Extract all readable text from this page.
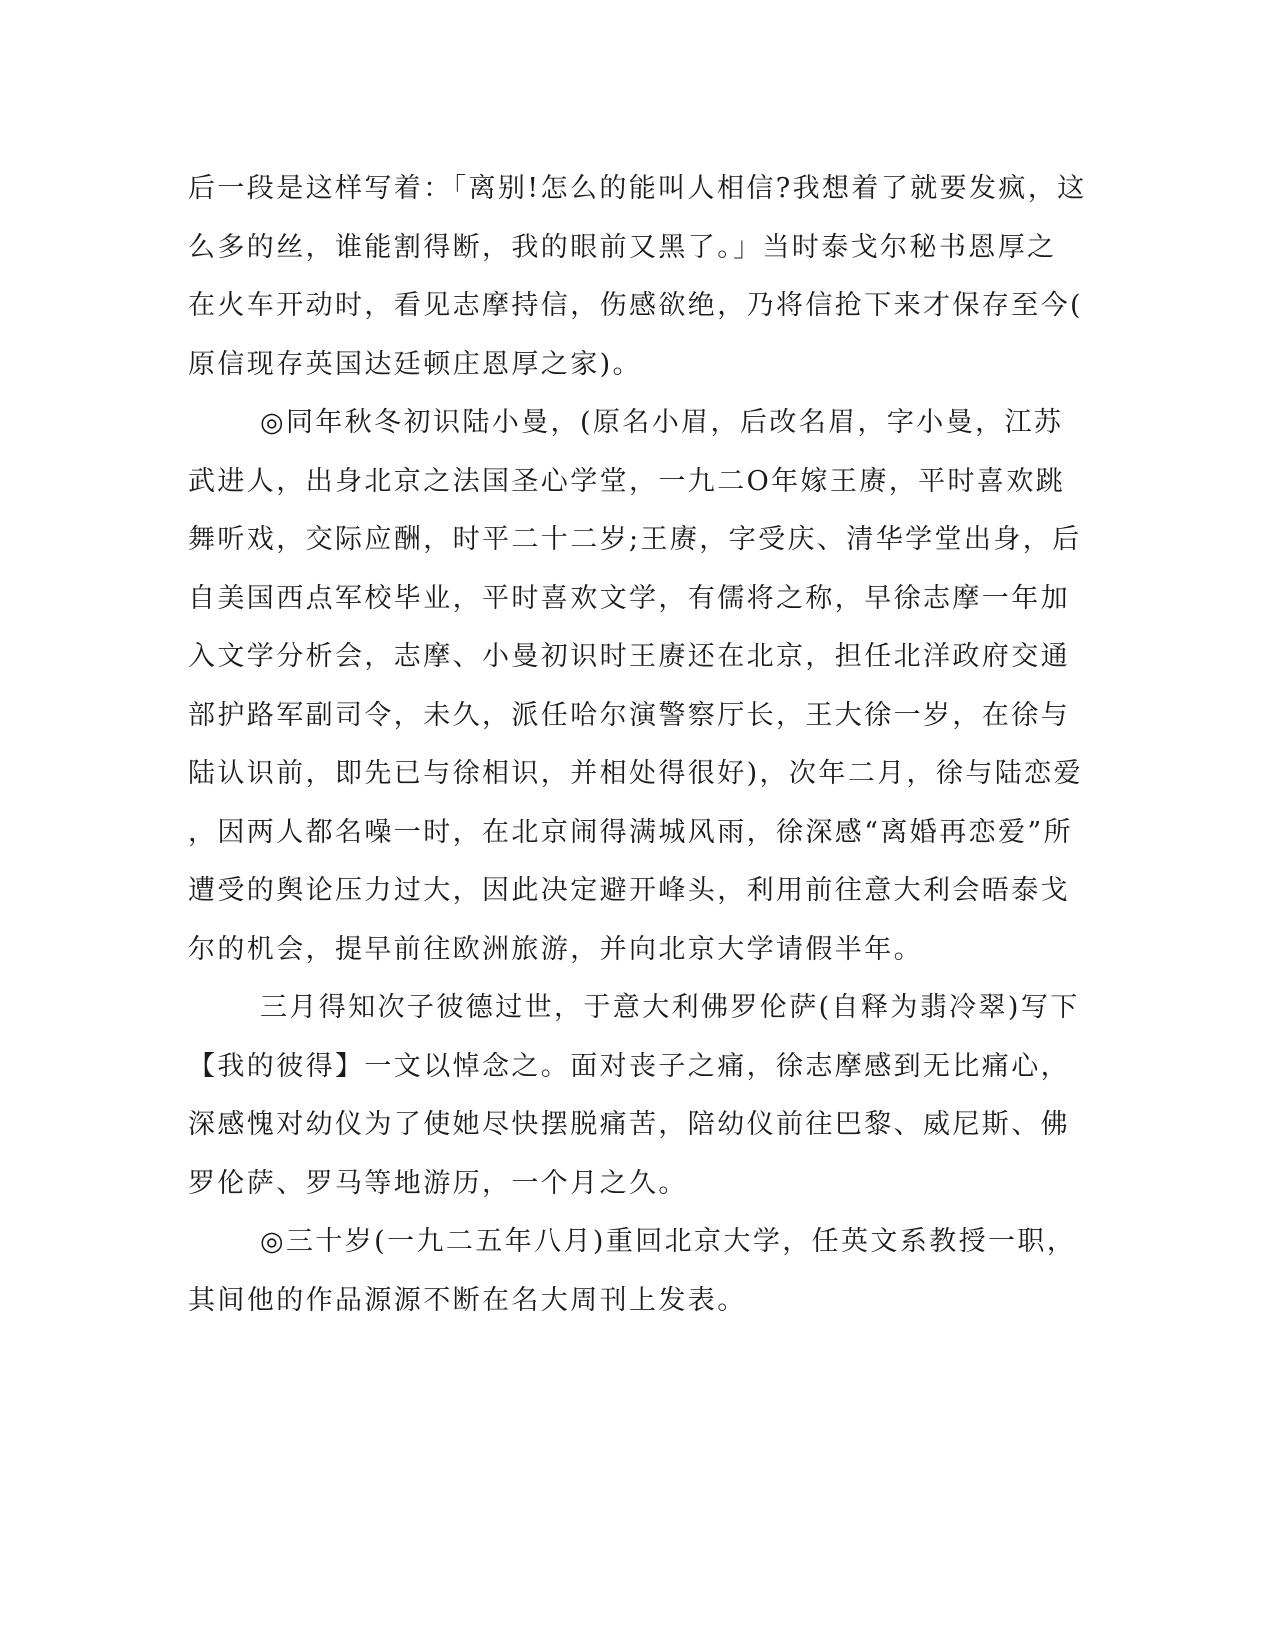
后一段是这样写着：「离别!怎么的能叫人相信?我想着了就要发疯，这
么多的丝，谁能割得断，我的眼前又黑了。」当时泰戈尔秘书恩厚之
在火车开动时，看见志摩持信，伤感欲绝，乃将信抢下来才保存至今(
原信现存英国达廷顿庄恩厚之家)。
◎同年秋冬初识陆小曼，(原名小眉，后改名眉，字小曼，江苏
武进人，出身北京之法国圣心学堂，一九二O年嫁王赓，平时喜欢跳
舞听戏，交际应酬，时平二十二岁;王赓，字受庆、清华学堂出身，后
自美国西点军校毕业，平时喜欢文学，有儒将之称，早徐志摩一年加
入文学分析会，志摩、小曼初识时王赓还在北京，担任北洋政府交通
部护路军副司令，未久，派任哈尔演警察厅长，王大徐一岁，在徐与
陆认识前，即先已与徐相识，并相处得很好)，次年二月，徐与陆恋爱
，因两人都名噪一时，在北京闹得满城风雨，徐深感“离婚再恋爱”所
遭受的舆论压力过大，因此决定避开峰头，利用前往意大利会晤泰戈
尔的机会，提早前往欧洲旅游，并向北京大学请假半年。
三月得知次子彼德过世，于意大利佛罗伦萨(自释为翡冷翠)写下
【我的彼得】一文以悼念之。面对丧子之痛，徐志摩感到无比痛心，
深感愧对幼仪为了使她尽快摆脱痛苦，陪幼仪前往巴黎、威尼斯、佛
罗伦萨、罗马等地游历，一个月之久。
◎三十岁(一九二五年八月)重回北京大学，任英文系教授一职，
其间他的作品源源不断在名大周刊上发表。
